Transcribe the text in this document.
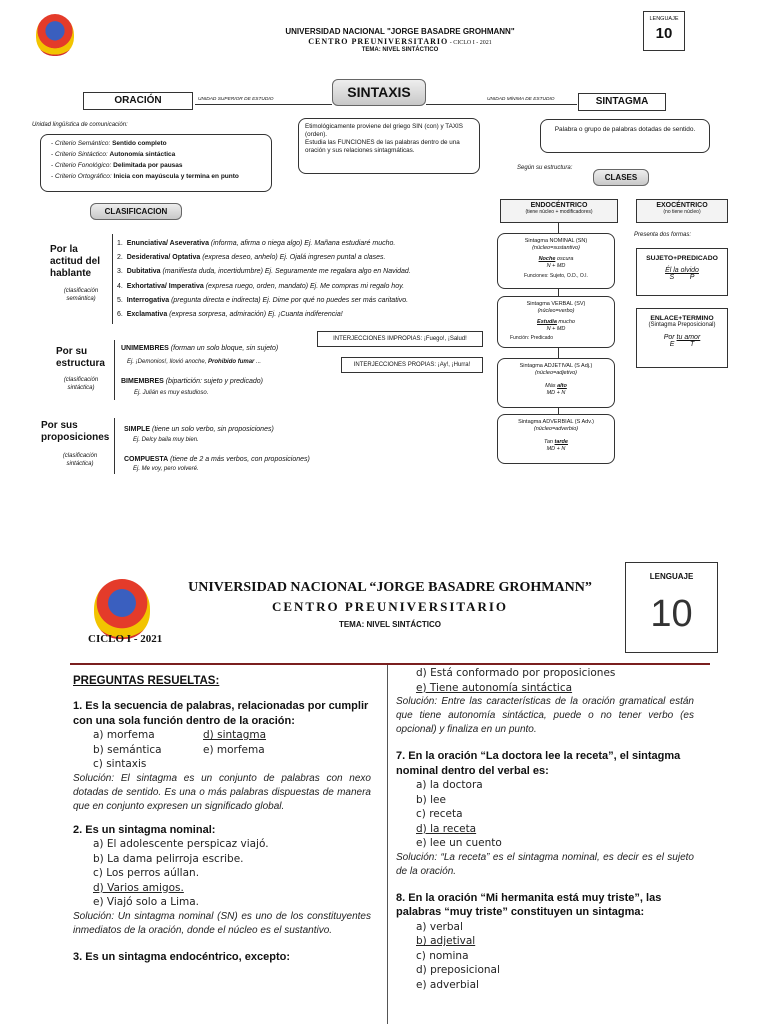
UNIVERSIDAD NACIONAL "JORGE BASADRE GROHMANN"
CENTRO PREUNIVERSITARIO - CICLO I - 2021
TEMA: NIVEL SINTÁCTICO
LENGUAJE
10
SINTAXIS
ORACIÓN	SINTAGMA
UNIDAD SUPERIOR DE ESTUDIO	UNIDAD MÍNIMA DE ESTUDIO
Unidad lingüística de comunicación:
- Criterio Semántico: Sentido completo
- Criterio Sintáctico: Autonomía sintáctica
- Criterio Fonológico: Delimitada por pausas
- Criterio Ortográfico: Inicia con mayúscula y termina en punto
Etimológicamente proviene del griego SIN (con) y TAXIS (orden).
Estudia las FUNCIONES de las palabras dentro de una oración y sus relaciones sintagmáticas.
Palabra o grupo de palabras dotadas de sentido.
Según su estructura:
CLASES
CLASIFICACION
Por la actitud del hablante
(clasificación semántica)
1. Enunciativa/ Aseverativa (informa, afirma o niega algo) Ej. Mañana estudiaré mucho.
2. Desiderativa/ Optativa (expresa deseo, anhelo) Ej. Ojalá ingresen puntal a clases.
3. Dubitativa (manifiesta duda, incertidumbre) Ej. Seguramente me regalara algo en Navidad.
4. Exhortativa/ Imperativa (expresa ruego, orden, mandato) Ej. Me compras mi regalo hoy.
5. Interrogativa (pregunta directa e indirecta) Ej. Dime por qué no puedes ser más caritativo.
6. Exclamativa (expresa sorpresa, admiración) Ej. ¡Cuanta indiferencia!
Por su estructura
(clasificación sintáctica)
UNIMEMBRES (forman un solo bloque, sin sujeto)
Ej. ¡Demonios!, llovió anoche, Prohibido fumar ...
BIMEMBRES (bipartición: sujeto y predicado)
Ej. Julián es muy estudioso.
INTERJECCIONES IMPROPIAS: ¡Fuego!, ¡Salud!
INTERJECCIONES PROPIAS: ¡Ay!, ¡Hurra!
Por sus proposiciones
(clasificación sintáctica)
SIMPLE (tiene un solo verbo, sin proposiciones)
Ej. Delcy baila muy bien.
COMPUESTA (tiene de 2 a más verbos, con proposiciones)
Ej. Me voy, pero volveré.
ENDOCÉNTRICO
(tiene núcleo + modificadores)
EXOCÉNTRICO
(no tiene núcleo)
Presenta dos formas:
Sintagma NOMINAL (SN)
(núcleo=sustantivo)
Noche oscura
N + MD
Funciones: Sujeto, O.D., O.I.
Sintagma VERBAL (SV)
(núcleo=verbo)
Estudia mucho
N + MD
Función: Predicado
Sintagma ADJETIVAL (S Adj.)
(núcleo=adjetivo)
Más alto
MD + N
Sintagma ADVERBIAL (S Adv.)
(núcleo=adverbio)
Tan tarde
MD + N
SUJETO+PREDICADO
Él la olvido
S P
ENLACE+TERMINO
(Sintagma Preposicional)
Por tu amor
E T
UNIVERSIDAD NACIONAL “JORGE BASADRE GROHMANN”
CENTRO PREUNIVERSITARIO
TEMA: NIVEL SINTÁCTICO
CICLO I - 2021
LENGUAJE
10
PREGUNTAS RESUELTAS:
1. Es la secuencia de palabras, relacionadas por cumplir con una sola función dentro de la oración:
a) morfema	d) sintagma
b) semántica	e) morfema
c) sintaxis
Solución: El sintagma es un conjunto de palabras con nexo dotadas de sentido. Es una o más palabras dispuestas de manera que en conjunto expresen un significado global.
2. Es un sintagma nominal:
a) El adolescente perspicaz viajó.
b) La dama pelirroja escribe.
c) Los perros aúllan.
d) Varios amigos.
e) Viajó solo a Lima.
Solución: Un sintagma nominal (SN) es uno de los constituyentes inmediatos de la oración, donde el núcleo es el sustantivo.
3. Es un sintagma endocéntrico, excepto:
d) Está conformado por proposiciones
e) Tiene autonomía sintáctica
Solución: Entre las características de la oración gramatical están que tiene autonomía sintáctica, puede o no tener verbo (es opcional) y finaliza en un punto.
7. En la oración “La doctora lee la receta”, el sintagma nominal dentro del verbal es:
a) la doctora
b) lee
c) receta
d) la receta
e) lee un cuento
Solución: “La receta” es el sintagma nominal, es decir es el sujeto de la oración.
8. En la oración “Mi hermanita está muy triste”, las palabras “muy triste” constituyen un sintagma:
a) verbal
b) adjetival
c) nomina
d) preposicional
e) adverbial
